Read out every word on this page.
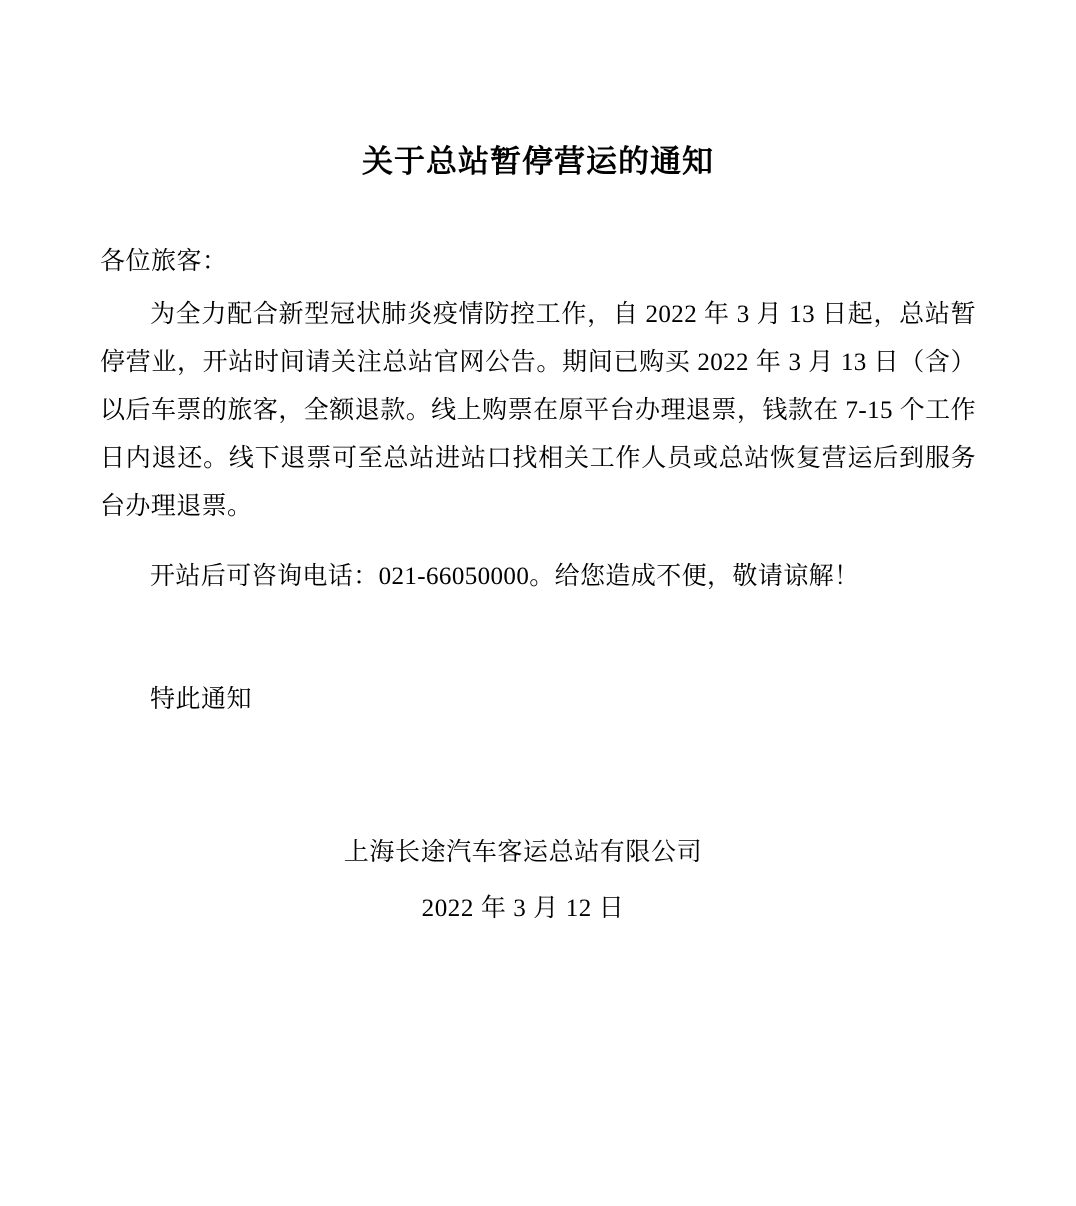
关于总站暂停营运的通知
各位旅客：

为全力配合新型冠状肺炎疫情防控工作，自 2022 年 3 月 13 日起，总站暂停营业，开站时间请关注总站官网公告。期间已购买 2022 年 3 月 13 日（含）以后车票的旅客，全额退款。线上购票在原平台办理退票，钱款在 7-15 个工作日内退还。线下退票可至总站进站口找相关工作人员或总站恢复营运后到服务台办理退票。

开站后可咨询电话：021-66050000。给您造成不便，敬请谅解！

特此通知
上海长途汽车客运总站有限公司
2022 年 3 月 12 日
